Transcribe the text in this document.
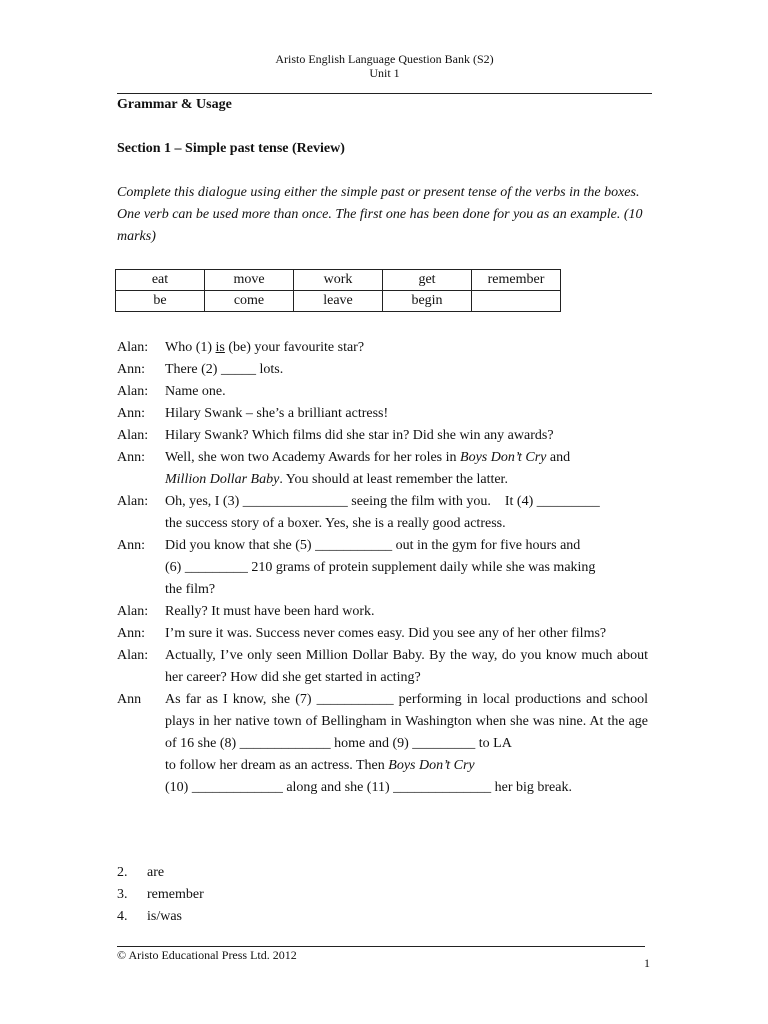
Aristo English Language Question Bank (S2)
Unit 1
Grammar & Usage
Section 1 – Simple past tense (Review)
Complete this dialogue using either the simple past or present tense of the verbs in the boxes. One verb can be used more than once. The first one has been done for you as an example. (10 marks)
eat	move	work	get	remember
be	come	leave	begin	
Alan:	Who (1) is (be) your favourite star?
Ann:	There (2) _____ lots.
Alan:	Name one.
Ann:	Hilary Swank – she’s a brilliant actress!
Alan:	Hilary Swank? Which films did she star in? Did she win any awards?
Ann:	Well, she won two Academy Awards for her roles in Boys Don’t Cry and
Million Dollar Baby. You should at least remember the latter.
Alan:	Oh, yes, I (3) _______________ seeing the film with you.    It (4) _________
the success story of a boxer. Yes, she is a really good actress.
Ann:	Did you know that she (5) ___________ out in the gym for five hours and
(6) _________ 210 grams of protein supplement daily while she was making
the film?
Alan:	Really? It must have been hard work.
Ann:	I’m sure it was. Success never comes easy. Did you see any of her other films?
Alan:	Actually, I’ve only seen Million Dollar Baby. By the way, do you know much about her career? How did she get started in acting?
Ann	As far as I know, she (7) ___________ performing in local productions and school plays in her native town of Bellingham in Washington when she was nine. At the age of 16 she (8) _____________ home and (9) _________ to LA
to follow her dream as an actress. Then Boys Don’t Cry
(10) _____________ along and she (11) ______________ her big break.
2.	are
3.	remember
4.	is/was
© Aristo Educational Press Ltd. 2012
1
